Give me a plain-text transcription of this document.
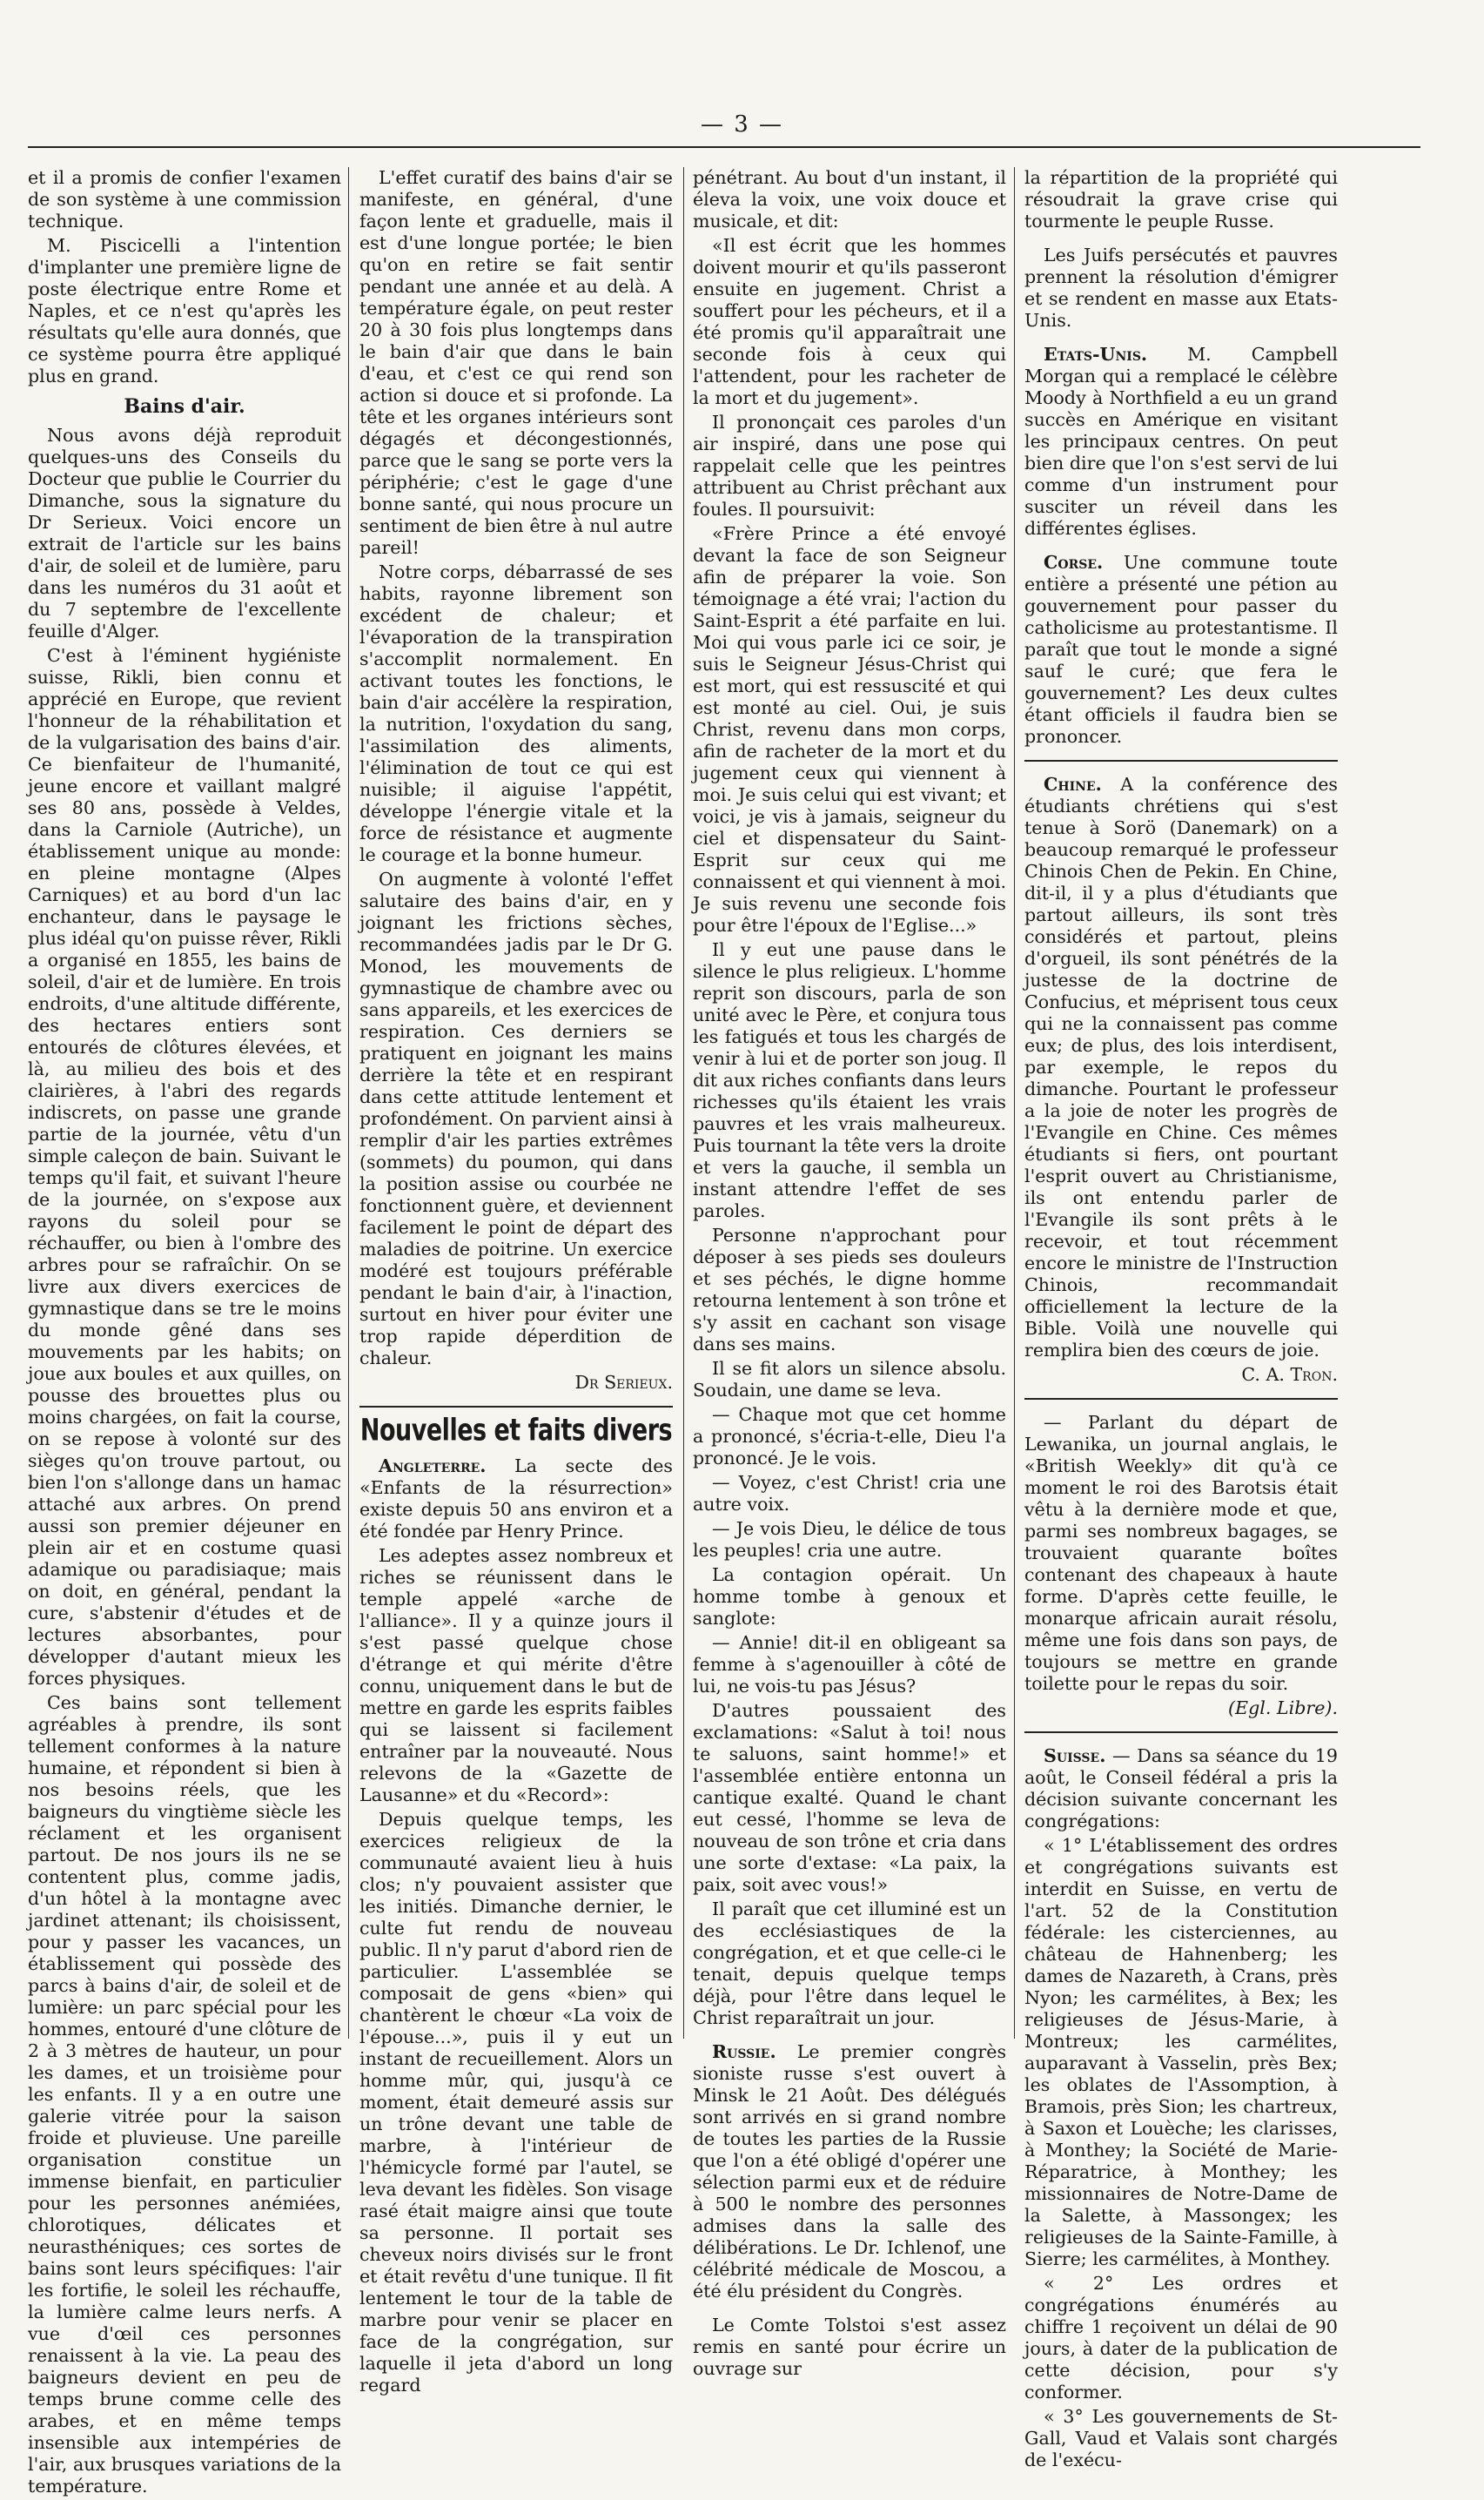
— 3 —

et il a promis de confier l'examen de son système à une commission technique.

M. Piscicelli a l'intention d'implanter une première ligne de poste électrique entre Rome et Naples, et ce n'est qu'après les résultats qu'elle aura donnés, que ce système pourra être appliqué plus en grand.

Bains d'air.

Nous avons déjà reproduit quelques-uns des Conseils du Docteur que publie le Courrier du Dimanche, sous la signature du Dr Serieux. Voici encore un extrait de l'article sur les bains d'air, de soleil et de lumière, paru dans les numéros du 31 août et du 7 septembre de l'excellente feuille d'Alger.

C'est à l'éminent hygiéniste suisse, Rikli, bien connu et apprécié en Europe, que revient l'honneur de la réhabilitation et de la vulgarisation des bains d'air. Ce bienfaiteur de l'humanité, jeune encore et vaillant malgré ses 80 ans, possède à Veldes, dans la Carniole (Autriche), un établissement unique au monde: en pleine montagne (Alpes Carniques) et au bord d'un lac enchanteur, dans le paysage le plus idéal qu'on puisse rêver, Rikli a organisé en 1855, les bains de soleil, d'air et de lumière. En trois endroits, d'une altitude différente, des hectares entiers sont entourés de clôtures élevées, et là, au milieu des bois et des clairières, à l'abri des regards indiscrets, on passe une grande partie de la journée, vêtu d'un simple caleçon de bain. Suivant le temps qu'il fait, et suivant l'heure de la journée, on s'expose aux rayons du soleil pour se réchauffer, ou bien à l'ombre des arbres pour se rafraîchir. On se livre aux divers exercices de gymnastique dans se tre le moins du monde gêné dans ses mouvements par les habits; on joue aux boules et aux quilles, on pousse des brouettes plus ou moins chargées, on fait la course, on se repose à volonté sur des sièges qu'on trouve partout, ou bien l'on s'allonge dans un hamac attaché aux arbres. On prend aussi son premier déjeuner en plein air et en costume quasi adamique ou paradisiaque; mais on doit, en général, pendant la cure, s'abstenir d'études et de lectures absorbantes, pour développer d'autant mieux les forces physiques.

Ces bains sont tellement agréables à prendre, ils sont tellement conformes à la nature humaine, et répondent si bien à nos besoins réels, que les baigneurs du vingtième siècle les réclament et les organisent partout. De nos jours ils ne se contentent plus, comme jadis, d'un hôtel à la montagne avec jardinet attenant; ils choisissent, pour y passer les vacances, un établissement qui possède des parcs à bains d'air, de soleil et de lumière: un parc spécial pour les hommes, entouré d'une clôture de 2 à 3 mètres de hauteur, un pour les dames, et un troisième pour les enfants. Il y a en outre une galerie vitrée pour la saison froide et pluvieuse. Une pareille organisation constitue un immense bienfait, en particulier pour les personnes anémiées, chlorotiques, délicates et neurasthéniques; ces sortes de bains sont leurs spécifiques: l'air les fortifie, le soleil les réchauffe, la lumière calme leurs nerfs. A vue d'œil ces personnes renaissent à la vie. La peau des baigneurs devient en peu de temps brune comme celle des arabes, et en même temps insensible aux intempéries de l'air, aux brusques variations de la température.

L'effet curatif des bains d'air se manifeste, en général, d'une façon lente et graduelle, mais il est d'une longue portée; le bien qu'on en retire se fait sentir pendant une année et au delà. A température égale, on peut rester 20 à 30 fois plus longtemps dans le bain d'air que dans le bain d'eau, et c'est ce qui rend son action si douce et si profonde. La tête et les organes intérieurs sont dégagés et décongestionnés, parce que le sang se porte vers la périphérie; c'est le gage d'une bonne santé, qui nous procure un sentiment de bien être à nul autre pareil!

Notre corps, débarrassé de ses habits, rayonne librement son excédent de chaleur; et l'évaporation de la transpiration s'accomplit normalement. En activant toutes les fonctions, le bain d'air accélère la respiration, la nutrition, l'oxydation du sang, l'assimilation des aliments, l'élimination de tout ce qui est nuisible; il aiguise l'appétit, développe l'énergie vitale et la force de résistance et augmente le courage et la bonne humeur.

On augmente à volonté l'effet salutaire des bains d'air, en y joignant les frictions sèches, recommandées jadis par le Dr G. Monod, les mouvements de gymnastique de chambre avec ou sans appareils, et les exercices de respiration. Ces derniers se pratiquent en joignant les mains derrière la tête et en respirant dans cette attitude lentement et profondément. On parvient ainsi à remplir d'air les parties extrêmes (sommets) du poumon, qui dans la position assise ou courbée ne fonctionnent guère, et deviennent facilement le point de départ des maladies de poitrine. Un exercice modéré est toujours préférable pendant le bain d'air, à l'inaction, surtout en hiver pour éviter une trop rapide déperdition de chaleur.

Dr Serieux.

Nouvelles et faits divers

Angleterre. La secte des «Enfants de la résurrection» existe depuis 50 ans environ et a été fondée par Henry Prince.

Les adeptes assez nombreux et riches se réunissent dans le temple appelé «arche de l'alliance». Il y a quinze jours il s'est passé quelque chose d'étrange et qui mérite d'être connu, uniquement dans le but de mettre en garde les esprits faibles qui se laissent si facilement entraîner par la nouveauté. Nous relevons de la «Gazette de Lausanne» et du «Record»:

Depuis quelque temps, les exercices religieux de la communauté avaient lieu à huis clos; n'y pouvaient assister que les initiés. Dimanche dernier, le culte fut rendu de nouveau public. Il n'y parut d'abord rien de particulier. L'assemblée se composait de gens «bien» qui chantèrent le chœur «La voix de l'épouse...», puis il y eut un instant de recueillement. Alors un homme mûr, qui, jusqu'à ce moment, était demeuré assis sur un trône devant une table de marbre, à l'intérieur de l'hémicycle formé par l'autel, se leva devant les fidèles. Son visage rasé était maigre ainsi que toute sa personne. Il portait ses cheveux noirs divisés sur le front et était revêtu d'une tunique. Il fit lentement le tour de la table de marbre pour venir se placer en face de la congrégation, sur laquelle il jeta d'abord un long regard

pénétrant. Au bout d'un instant, il éleva la voix, une voix douce et musicale, et dit:

«Il est écrit que les hommes doivent mourir et qu'ils passeront ensuite en jugement. Christ a souffert pour les pécheurs, et il a été promis qu'il apparaîtrait une seconde fois à ceux qui l'attendent, pour les racheter de la mort et du jugement».

Il prononçait ces paroles d'un air inspiré, dans une pose qui rappelait celle que les peintres attribuent au Christ prêchant aux foules. Il poursuivit:

«Frère Prince a été envoyé devant la face de son Seigneur afin de préparer la voie. Son témoignage a été vrai; l'action du Saint-Esprit a été parfaite en lui. Moi qui vous parle ici ce soir, je suis le Seigneur Jésus-Christ qui est mort, qui est ressuscité et qui est monté au ciel. Oui, je suis Christ, revenu dans mon corps, afin de racheter de la mort et du jugement ceux qui viennent à moi. Je suis celui qui est vivant; et voici, je vis à jamais, seigneur du ciel et dispensateur du Saint-Esprit sur ceux qui me connaissent et qui viennent à moi. Je suis revenu une seconde fois pour être l'époux de l'Eglise...»

Il y eut une pause dans le silence le plus religieux. L'homme reprit son discours, parla de son unité avec le Père, et conjura tous les fatigués et tous les chargés de venir à lui et de porter son joug. Il dit aux riches confiants dans leurs richesses qu'ils étaient les vrais pauvres et les vrais malheureux. Puis tournant la tête vers la droite et vers la gauche, il sembla un instant attendre l'effet de ses paroles.

Personne n'approchant pour déposer à ses pieds ses douleurs et ses péchés, le digne homme retourna lentement à son trône et s'y assit en cachant son visage dans ses mains.

Il se fit alors un silence absolu. Soudain, une dame se leva.

— Chaque mot que cet homme a prononcé, s'écria-t-elle, Dieu l'a prononcé. Je le vois.

— Voyez, c'est Christ! cria une autre voix.

— Je vois Dieu, le délice de tous les peuples! cria une autre.

La contagion opérait. Un homme tombe à genoux et sanglote:

— Annie! dit-il en obligeant sa femme à s'agenouiller à côté de lui, ne vois-tu pas Jésus?

D'autres poussaient des exclamations: «Salut à toi! nous te saluons, saint homme!» et l'assemblée entière entonna un cantique exalté. Quand le chant eut cessé, l'homme se leva de nouveau de son trône et cria dans une sorte d'extase: «La paix, la paix, soit avec vous!»

Il paraît que cet illuminé est un des ecclésiastiques de la congrégation, et et que celle-ci le tenait, depuis quelque temps déjà, pour l'être dans lequel le Christ reparaîtrait un jour.

Russie. Le premier congrès sioniste russe s'est ouvert à Minsk le 21 Août. Des délégués sont arrivés en si grand nombre de toutes les parties de la Russie que l'on a été obligé d'opérer une sélection parmi eux et de réduire à 500 le nombre des personnes admises dans la salle des délibérations. Le Dr. Ichlenof, une célébrité médicale de Moscou, a été élu président du Congrès.

Le Comte Tolstoi s'est assez remis en santé pour écrire un ouvrage sur

la répartition de la propriété qui résoudrait la grave crise qui tourmente le peuple Russe.

Les Juifs persécutés et pauvres prennent la résolution d'émigrer et se rendent en masse aux Etats-Unis.

Etats-Unis. M. Campbell Morgan qui a remplacé le célèbre Moody à Northfield a eu un grand succès en Amérique en visitant les principaux centres. On peut bien dire que l'on s'est servi de lui comme d'un instrument pour susciter un réveil dans les différentes églises.

Corse. Une commune toute entière a présenté une pétion au gouvernement pour passer du catholicisme au protestantisme. Il paraît que tout le monde a signé sauf le curé; que fera le gouvernement? Les deux cultes étant officiels il faudra bien se prononcer.

Chine. A la conférence des étudiants chrétiens qui s'est tenue à Sorö (Danemark) on a beaucoup remarqué le professeur Chinois Chen de Pekin. En Chine, dit-il, il y a plus d'étudiants que partout ailleurs, ils sont très considérés et partout, pleins d'orgueil, ils sont pénétrés de la justesse de la doctrine de Confucius, et méprisent tous ceux qui ne la connaissent pas comme eux; de plus, des lois interdisent, par exemple, le repos du dimanche. Pourtant le professeur a la joie de noter les progrès de l'Evangile en Chine. Ces mêmes étudiants si fiers, ont pourtant l'esprit ouvert au Christianisme, ils ont entendu parler de l'Evangile ils sont prêts à le recevoir, et tout récemment encore le ministre de l'Instruction Chinois, recommandait officiellement la lecture de la Bible. Voilà une nouvelle qui remplira bien des cœurs de joie.

C. A. Tron.

— Parlant du départ de Lewanika, un journal anglais, le «British Weekly» dit qu'à ce moment le roi des Barotsis était vêtu à la dernière mode et que, parmi ses nombreux bagages, se trouvaient quarante boîtes contenant des chapeaux à haute forme. D'après cette feuille, le monarque africain aurait résolu, même une fois dans son pays, de toujours se mettre en grande toilette pour le repas du soir.

(Egl. Libre).

Suisse. — Dans sa séance du 19 août, le Conseil fédéral a pris la décision suivante concernant les congrégations:

« 1° L'établissement des ordres et congrégations suivants est interdit en Suisse, en vertu de l'art. 52 de la Constitution fédérale: les cisterciennes, au château de Hahnenberg; les dames de Nazareth, à Crans, près Nyon; les carmélites, à Bex; les religieuses de Jésus-Marie, à Montreux; les carmélites, auparavant à Vasselin, près Bex; les oblates de l'Assomption, à Bramois, près Sion; les chartreux, à Saxon et Louèche; les clarisses, à Monthey; la Société de Marie-Réparatrice, à Monthey; les missionnaires de Notre-Dame de la Salette, à Massongex; les religieuses de la Sainte-Famille, à Sierre; les carmélites, à Monthey.

« 2° Les ordres et congrégations énumérés au chiffre 1 reçoivent un délai de 90 jours, à dater de la publication de cette décision, pour s'y conformer.

« 3° Les gouvernements de St-Gall, Vaud et Valais sont chargés de l'exécu-
